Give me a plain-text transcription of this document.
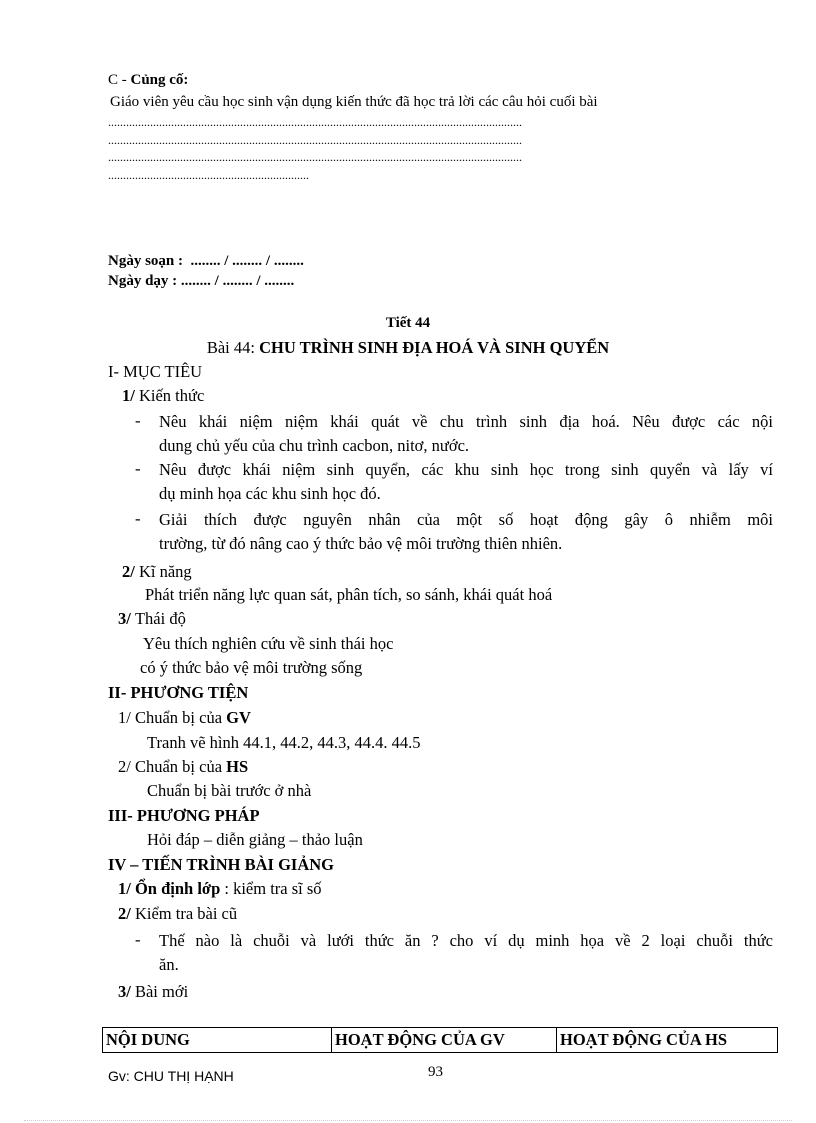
C - Củng cố:
Giáo viên yêu cầu học sinh vận dụng kiến thức đã học trả lời các câu hỏi cuối bài
..........................................................................................................................................
..........................................................................................................................................
..........................................................................................................................................
...................................................................
Ngày soạn : ........ / ........ / ........
Ngày dạy : ........ / ........ / ........
Tiết 44
Bài 44: CHU TRÌNH SINH ĐỊA HOÁ VÀ SINH QUYỂN
I- MỤC TIÊU
1/ Kiến thức
- Nêu khái niệm niệm khái quát về chu trình sinh địa hoá. Nêu được các nội
dung chủ yếu của chu trình cacbon, nitơ, nước.
- Nêu được khái niệm sinh quyển, các khu sinh học trong sinh quyển và lấy ví
dụ minh họa các khu sinh học đó.
- Giải thích được nguyên nhân của một số hoạt động gây ô nhiễm môi
trường, từ đó nâng cao ý thức bảo vệ môi trường thiên nhiên.
2/ Kĩ năng
Phát triển năng lực quan sát, phân tích, so sánh, khái quát hoá
3/ Thái độ
Yêu thích nghiên cứu về sinh thái học
có ý thức bảo vệ môi trường sống
II- PHƯƠNG TIỆN
1/ Chuẩn bị của GV
Tranh vẽ hình 44.1, 44.2, 44.3, 44.4. 44.5
2/ Chuẩn bị của HS
Chuẩn bị bài trước ở nhà
III- PHƯƠNG PHÁP
Hỏi đáp – diễn giảng – thảo luận
IV – TIẾN TRÌNH BÀI GIẢNG
1/ Ổn định lớp : kiểm tra sĩ số
2/ Kiểm tra bài cũ
- Thế nào là chuỗi và lưới thức ăn ? cho ví dụ minh họa về 2 loại chuỗi thức
ăn.
3/ Bài mới
NỘI DUNG	HOẠT ĐỘNG CỦA GV	HOẠT ĐỘNG CỦA HS
Gv: CHU THỊ HẠNH	93
